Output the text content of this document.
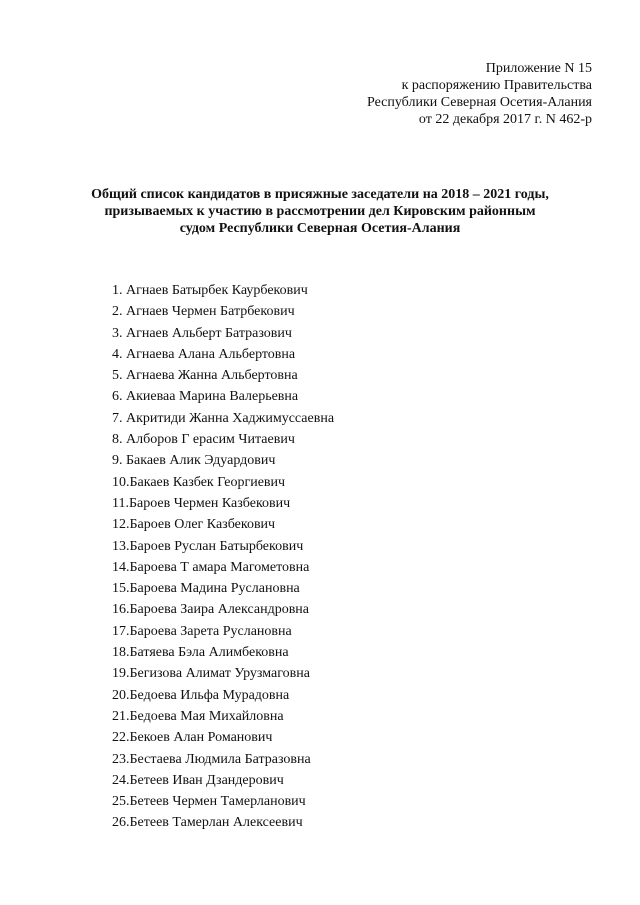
Приложение N 15
к распоряжению Правительства
Республики Северная Осетия-Алания
от 22 декабря 2017 г. N 462-р
Общий список кандидатов в присяжные заседатели на 2018 – 2021 годы,
призываемых к участию в рассмотрении дел Кировским районным
судом Республики Северная Осетия-Алания
1. Агнаев Батырбек Каурбекович
2. Агнаев Чермен Батрбекович
3. Агнаев Альберт Батразович
4. Агнаева Алана Альбертовна
5. Агнаева Жанна Альбертовна
6. Акиеваа Марина Валерьевна
7. Акритиди Жанна Хаджимуссаевна
8. Алборов Г ерасим Читаевич
9. Бакаев Алик Эдуардович
10.Бакаев Казбек Георгиевич
11.Бароев Чермен Казбекович
12.Бароев Олег Казбекович
13.Бароев Руслан Батырбекович
14.Бароева Т амара Магометовна
15.Бароева Мадина Руслановна
16.Бароева Заира Александровна
17.Бароева Зарета Руслановна
18.Батяева Бэла Алимбековна
19.Бегизова Алимат Урузмаговна
20.Бедоева Ильфа Мурадовна
21.Бедоева Мая Михайловна
22.Бекоев Алан Романович
23.Бестаева Людмила Батразовна
24.Бетеев Иван Дзандерович
25.Бетеев Чермен Тамерланович
26.Бетеев Тамерлан Алексеевич
